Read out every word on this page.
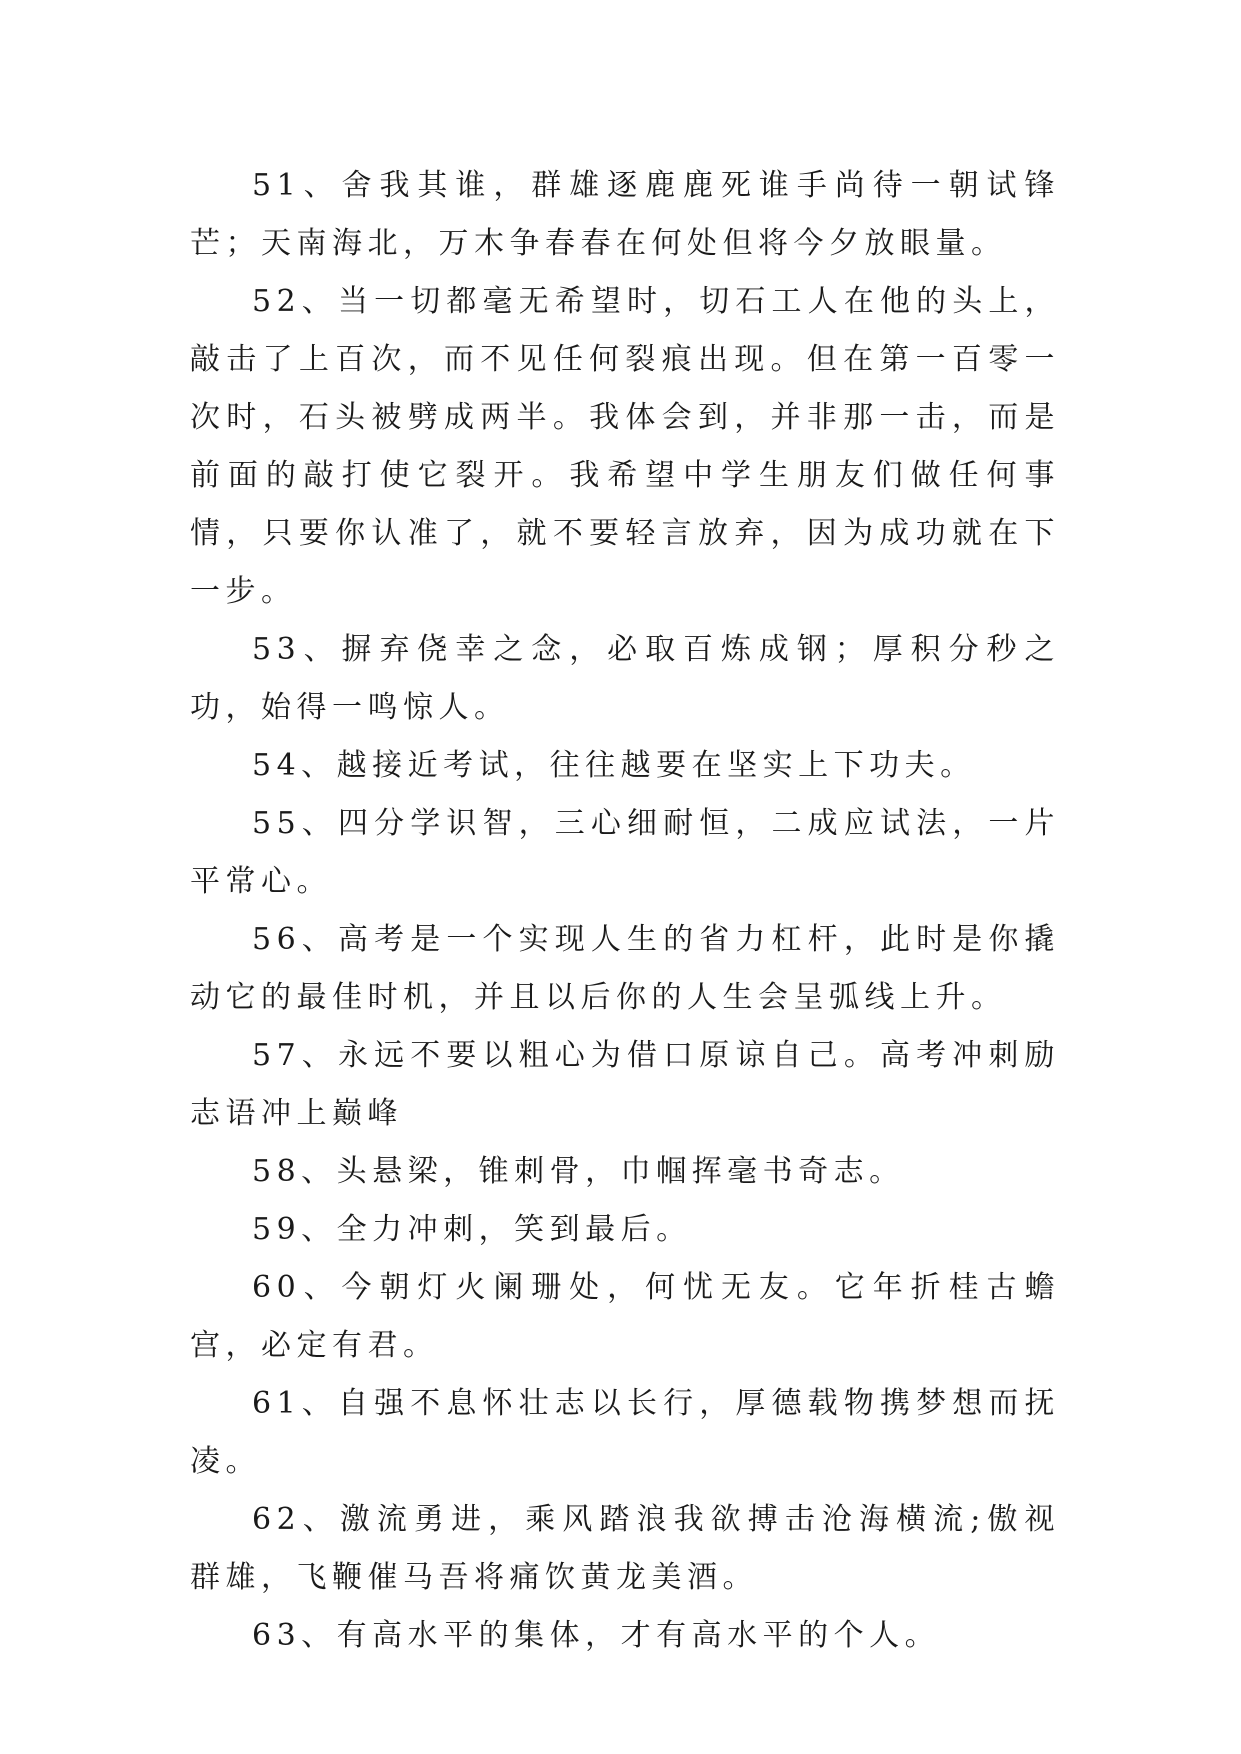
51、舍我其谁，群雄逐鹿鹿死谁手尚待一朝试锋芒；天南海北，万木争春春在何处但将今夕放眼量。

52、当一切都毫无希望时，切石工人在他的头上，敲击了上百次，而不见任何裂痕出现。但在第一百零一次时，石头被劈成两半。我体会到，并非那一击，而是前面的敲打使它裂开。我希望中学生朋友们做任何事情，只要你认准了，就不要轻言放弃，因为成功就在下一步。

53、摒弃侥幸之念，必取百炼成钢；厚积分秒之功，始得一鸣惊人。

54、越接近考试，往往越要在坚实上下功夫。

55、四分学识智，三心细耐恒，二成应试法，一片平常心。

56、高考是一个实现人生的省力杠杆，此时是你撬动它的最佳时机，并且以后你的人生会呈弧线上升。

57、永远不要以粗心为借口原谅自己。高考冲刺励志语冲上巅峰

58、头悬梁，锥刺骨，巾帼挥毫书奇志。

59、全力冲刺，笑到最后。

60、今朝灯火阑珊处，何忧无友。它年折桂古蟾宫，必定有君。

61、自强不息怀壮志以长行，厚德载物携梦想而抚凌。

62、激流勇进，乘风踏浪我欲搏击沧海横流;傲视群雄，飞鞭催马吾将痛饮黄龙美酒。

63、有高水平的集体，才有高水平的个人。
